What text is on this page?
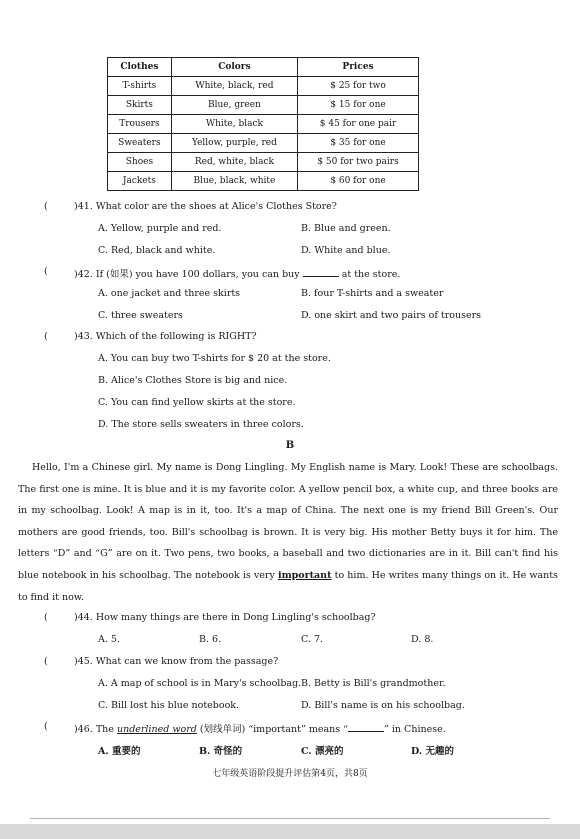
Clothes	Colors	Prices
T-shirts	White, black, red	$ 25 for two
Skirts	Blue, green	$ 15 for one
Trousers	White, black	$ 45 for one pair
Sweaters	Yellow, purple, red	$ 35 for one
Shoes	Red, white, black	$ 50 for two pairs
Jackets	Blue, black, white	$ 60 for one
(	)41. What color are the shoes at Alice's Clothes Store?
A. Yellow, purple and red.	B. Blue and green.
C. Red, black and white.	D. White and blue.
(	)42. If (如果) you have 100 dollars, you can buy	at the store.
A. one jacket and three skirts	B. four T-shirts and a sweater
C. three sweaters	D. one skirt and two pairs of trousers
(	)43. Which of the following is RIGHT?
A. You can buy two T-shirts for $ 20 at the store.
B. Alice's Clothes Store is big and nice.
C. You can find yellow skirts at the store.
D. The store sells sweaters in three colors.
B
Hello, I'm a Chinese girl. My name is Dong Lingling. My English name is Mary. Look! These are schoolbags. The first one is mine. It is blue and it is my favorite color. A yellow pencil box, a white cup, and three books are in my schoolbag. Look! A map is in it, too. It's a map of China. The next one is my friend Bill Green's. Our mothers are good friends, too. Bill's schoolbag is brown. It is very big. His mother Betty buys it for him. The letters “D” and “G” are on it. Two pens, two books, a baseball and two dictionaries are in it. Bill can't find his blue notebook in his schoolbag. The notebook is very important to him. He writes many things on it. He wants to find it now.
(	)44. How many things are there in Dong Lingling's schoolbag?
A. 5.	B. 6.	C. 7.	D. 8.
(	)45. What can we know from the passage?
A. A map of school is in Mary's schoolbag. B. Betty is Bill's grandmother.
C. Bill lost his blue notebook.	D. Bill's name is on his schoolbag.
(	)46. The underlined word (划线单词) “important” means “	” in Chinese.
A. 重要的	B. 奇怪的	C. 漂亮的	D. 无趣的
七年级英语阶段提升评估第4页，共8页
